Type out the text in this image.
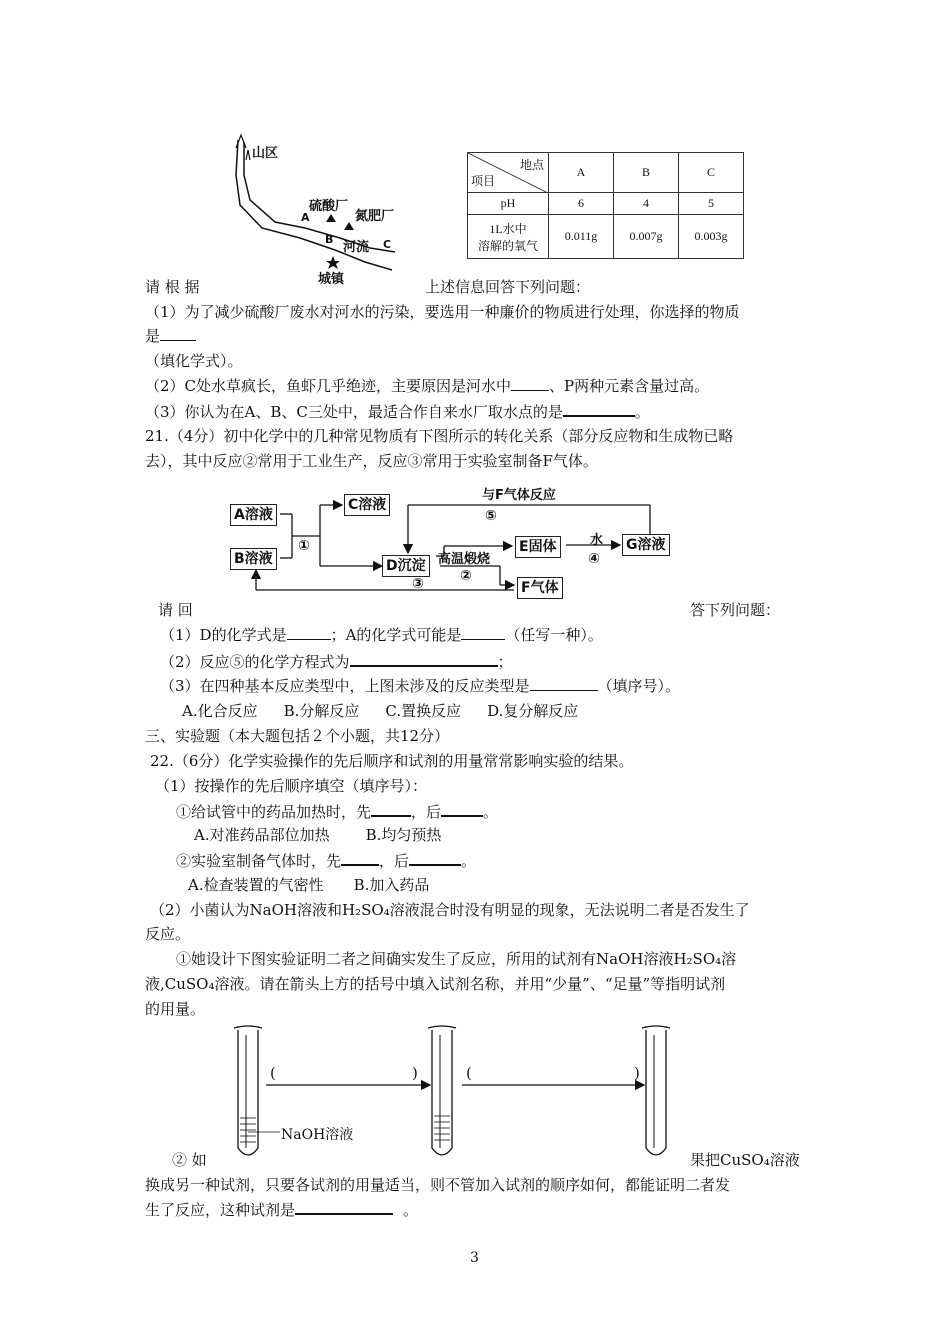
山区
硫酸厂
氮肥厂
A
B
河流 C
城镇
地点
项目	A	B	C
pH	6	4	5

1L水中
溶解的氧气	0.011g	0.007g	0.003g
请 根 据	上述信息回答下列问题：
（1）为了减少硫酸厂废水对河水的污染，要选用一种廉价的物质进行处理，你选择的物质
是
（填化学式）。
（2）C处水草疯长，鱼虾几乎绝迹，主要原因是河水中	、P两种元素含量过高。
（3）你认为在A、B、C三处中，最适合作自来水厂取水点的是	。
21.（4分）初中化学中的几种常见物质有下图所示的转化关系（部分反应物和生成物已略
去），其中反应②常用于工业生产，反应③常用于实验室制备F气体。
A溶液
B溶液
C溶液
D沉淀
E固体	G溶液
F气体
与F气体反应
⑤
①
高温煅烧
②
③
水
④
请 回	答下列问题：
（1）D的化学式是	；A的化学式可能是	（任写一种）。
（2）反应⑤的化学方程式为	；
（3）在四种基本反应类型中，上图未涉及的反应类型是	（填序号）。
A.化合反应 B.分解反应 C.置换反应 D.复分解反应
三、实验题（本大题包括２个小题，共12分）
22.（6分）化学实验操作的先后顺序和试剂的用量常常影响实验的结果。
（1）按操作的先后顺序填空（填序号）：
①给试管中的药品加热时，先	，后	。
A.对准药品部位加热 B.均匀预热
②实验室制备气体时，先	，后	。
A.检查装置的气密性 B.加入药品
（2）小菌认为NaOH溶液和H₂SO₄溶液混合时没有明显的现象，无法说明二者是否发生了
反应。
①她设计下图实验证明二者之间确实发生了反应，所用的试剂有NaOH溶液H₂SO₄溶
液,CuSO₄溶液。请在箭头上方的括号中填入试剂名称，并用“少量”、“足量”等指明试剂
的用量。
(	)	(	)
NaOH溶液
② 如	果把CuSO₄溶液
换成另一种试剂，只要各试剂的用量适当，则不管加入试剂的顺序如何，都能证明二者发
生了反应，这种试剂是	。
3
